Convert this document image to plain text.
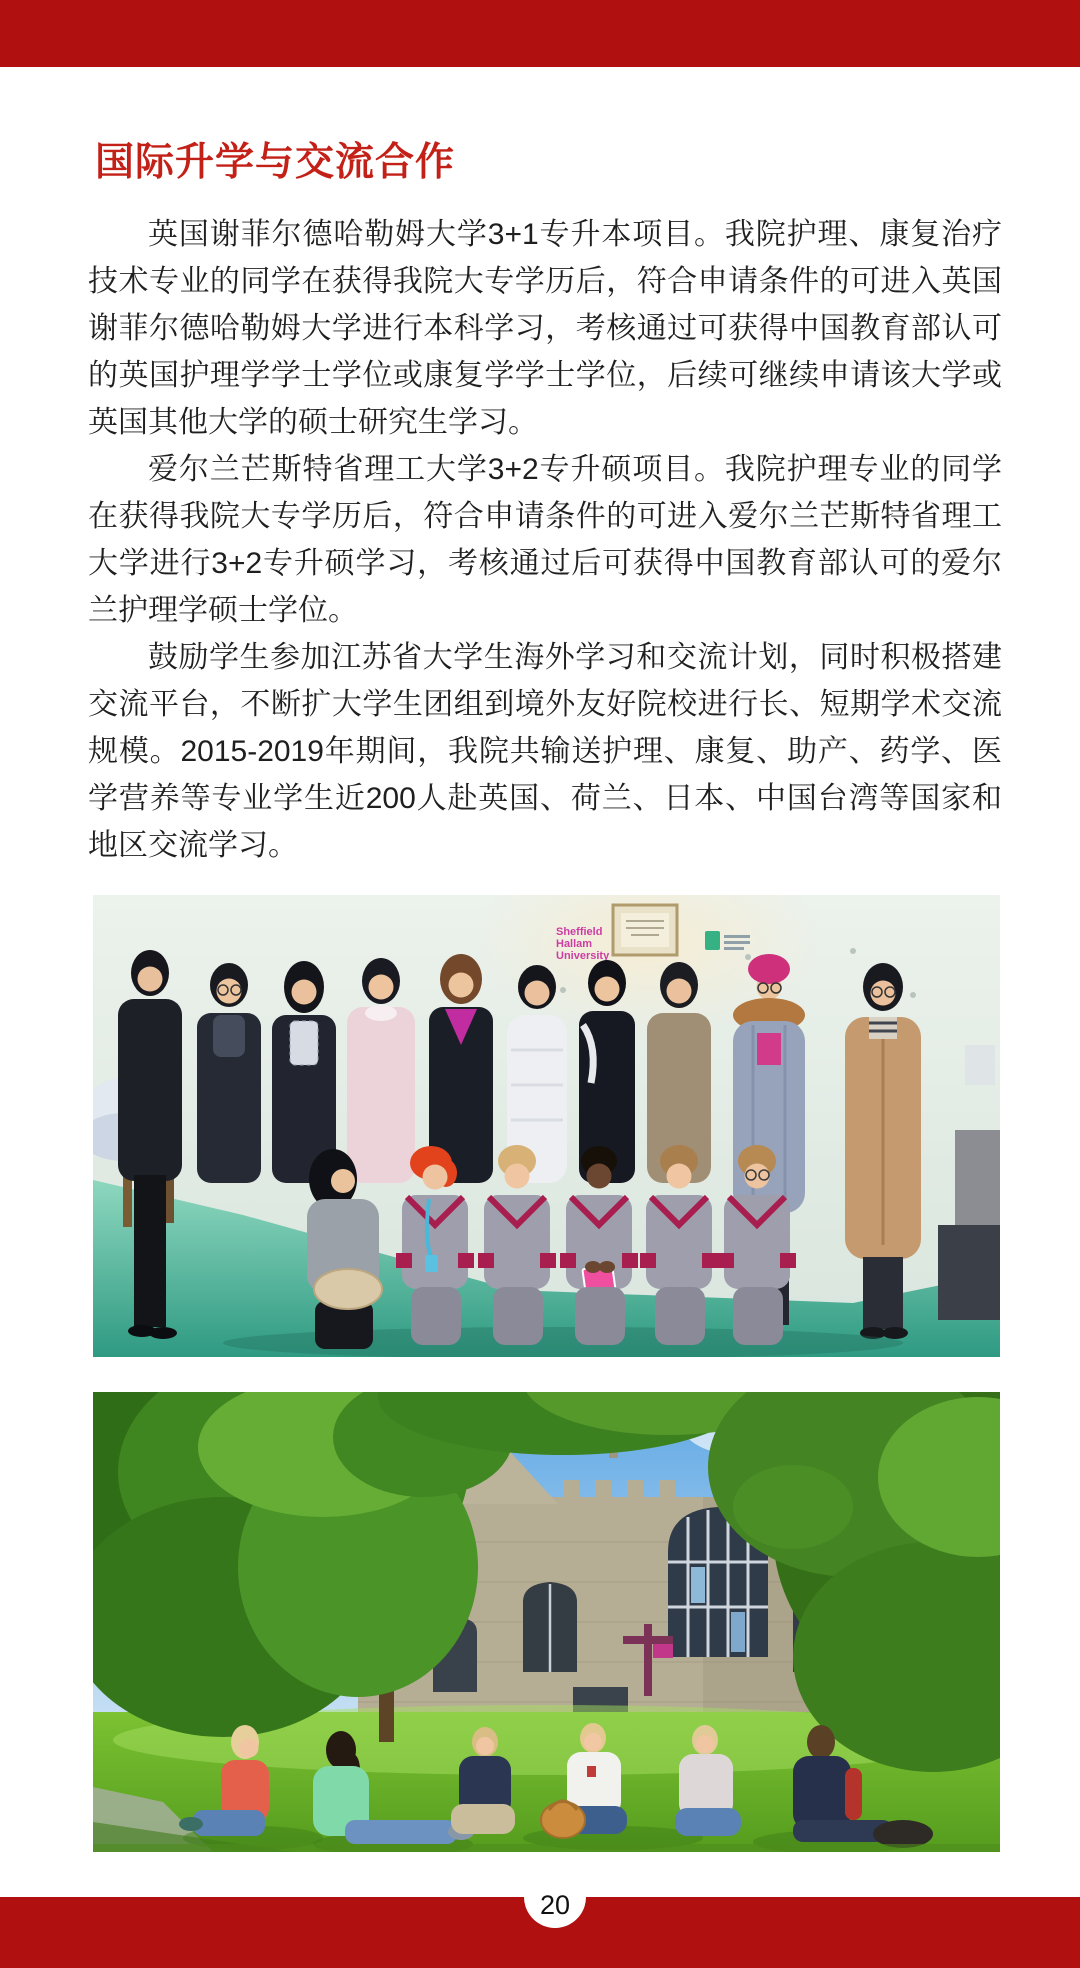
国际升学与交流合作

英国谢菲尔德哈勒姆大学3+1专升本项目。我院护理、康复治疗技术专业的同学在获得我院大专学历后，符合申请条件的可进入英国谢菲尔德哈勒姆大学进行本科学习，考核通过可获得中国教育部认可的英国护理学学士学位或康复学学士学位，后续可继续申请该大学或英国其他大学的硕士研究生学习。

爱尔兰芒斯特省理工大学3+2专升硕项目。我院护理专业的同学在获得我院大专学历后，符合申请条件的可进入爱尔兰芒斯特省理工大学进行3+2专升硕学习，考核通过后可获得中国教育部认可的爱尔兰护理学硕士学位。

鼓励学生参加江苏省大学生海外学习和交流计划，同时积极搭建交流平台，不断扩大学生团组到境外友好院校进行长、短期学术交流规模。2015-2019年期间，我院共输送护理、康复、助产、药学、医学营养等专业学生近200人赴英国、荷兰、日本、中国台湾等国家和地区交流学习。

Sheffield
Hallam
University
20
